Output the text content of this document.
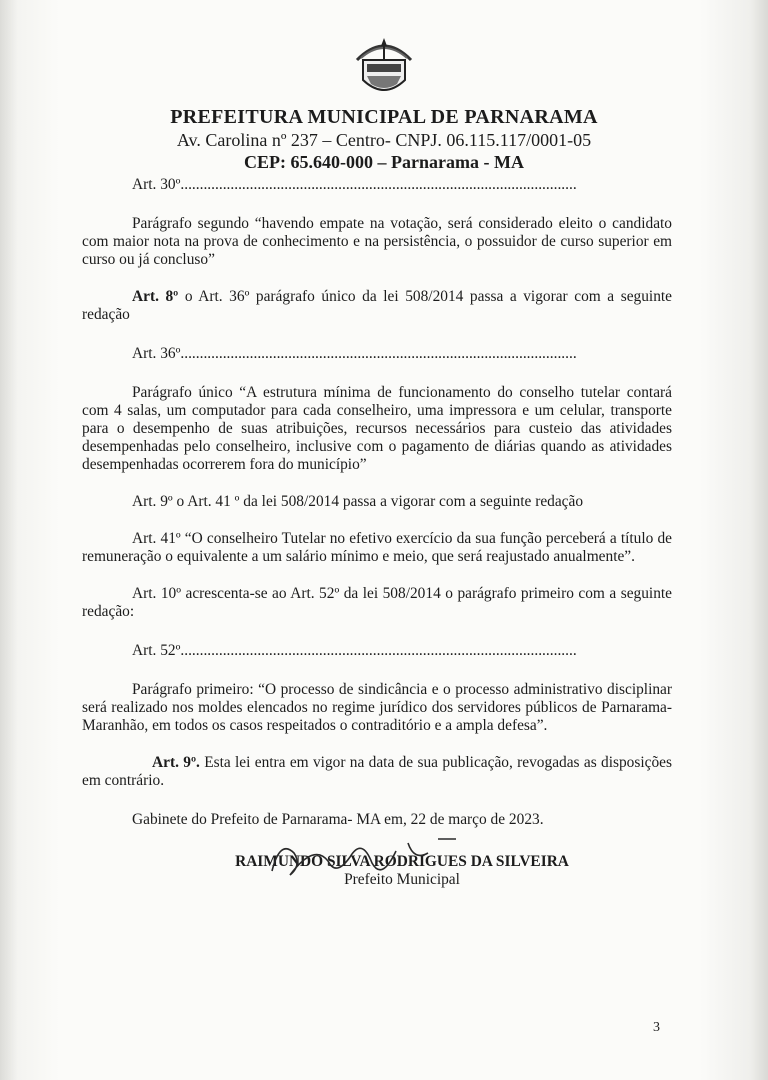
PREFEITURA MUNICIPAL DE PARNARAMA
Av. Carolina nº 237 – Centro- CNPJ. 06.115.117/0001-05
CEP: 65.640-000 – Parnarama - MA

Art. 30º.......................................................................................................

Parágrafo segundo “havendo empate na votação, será considerado eleito o candidato com maior nota na prova de conhecimento e na persistência, o possuidor de curso superior em curso ou já concluso”

Art. 8º o Art. 36º parágrafo único da lei 508/2014 passa a vigorar com a seguinte redação

Art. 36º.......................................................................................................

Parágrafo único “A estrutura mínima de funcionamento do conselho tutelar contará com 4 salas, um computador para cada conselheiro, uma impressora e um celular, transporte para o desempenho de suas atribuições, recursos necessários para custeio das atividades desempenhadas pelo conselheiro, inclusive com o pagamento de diárias quando as atividades desempenhadas ocorrerem fora do município”

Art. 9º o Art. 41 º da lei 508/2014 passa a vigorar com a seguinte redação

Art. 41º “O conselheiro Tutelar no efetivo exercício da sua função perceberá a título de remuneração o equivalente a um salário mínimo e meio, que será reajustado anualmente”.

Art. 10º acrescenta-se ao Art. 52º da lei 508/2014 o parágrafo primeiro com a seguinte redação:

Art. 52º.......................................................................................................

Parágrafo primeiro: “O processo de sindicância e o processo administrativo disciplinar será realizado nos moldes elencados no regime jurídico dos servidores públicos de Parnarama-Maranhão, em todos os casos respeitados o contraditório e a ampla defesa”.

Art. 9º. Esta lei entra em vigor na data de sua publicação, revogadas as disposições em contrário.

Gabinete do Prefeito de Parnarama- MA em, 22 de março de 2023.

RAIMUNDO SILVA RODRIGUES DA SILVEIRA
Prefeito Municipal
3
